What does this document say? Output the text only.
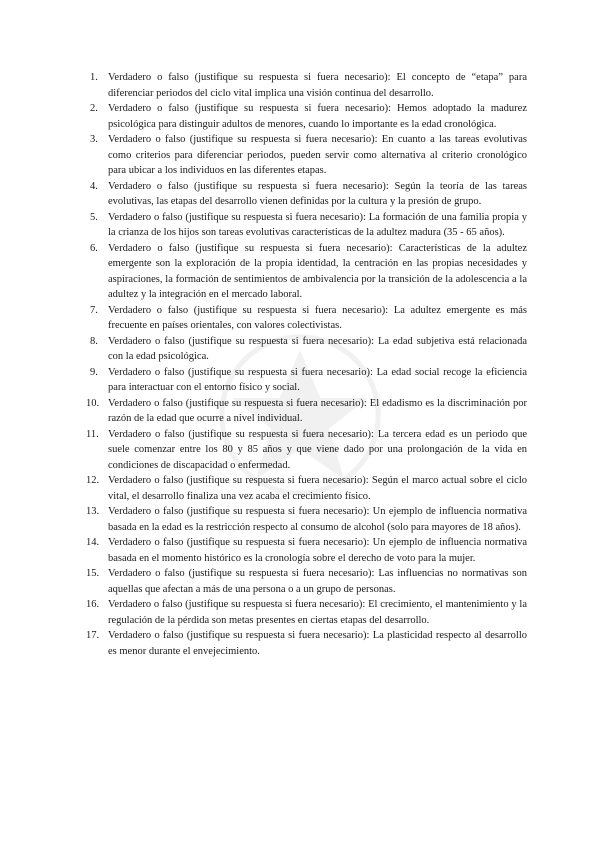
1. Verdadero o falso (justifique su respuesta si fuera necesario): El concepto de “etapa” para diferenciar periodos del ciclo vital implica una visión continua del desarrollo.
2. Verdadero o falso (justifique su respuesta si fuera necesario): Hemos adoptado la madurez psicológica para distinguir adultos de menores, cuando lo importante es la edad cronológica.
3. Verdadero o falso (justifique su respuesta si fuera necesario): En cuanto a las tareas evolutivas como criterios para diferenciar periodos, pueden servir como alternativa al criterio cronológico para ubicar a los individuos en las diferentes etapas.
4. Verdadero o falso (justifique su respuesta si fuera necesario): Según la teoría de las tareas evolutivas, las etapas del desarrollo vienen definidas por la cultura y la presión de grupo.
5. Verdadero o falso (justifique su respuesta si fuera necesario): La formación de una familia propia y la crianza de los hijos son tareas evolutivas características de la adultez madura (35 - 65 años).
6. Verdadero o falso (justifique su respuesta si fuera necesario): Características de la adultez emergente son la exploración de la propia identidad, la centración en las propias necesidades y aspiraciones, la formación de sentimientos de ambivalencia por la transición de la adolescencia a la adultez y la integración en el mercado laboral.
7. Verdadero o falso (justifique su respuesta si fuera necesario): La adultez emergente es más frecuente en países orientales, con valores colectivistas.
8. Verdadero o falso (justifique su respuesta si fuera necesario): La edad subjetiva está relacionada con la edad psicológica.
9. Verdadero o falso (justifique su respuesta si fuera necesario): La edad social recoge la eficiencia para interactuar con el entorno físico y social.
10. Verdadero o falso (justifique su respuesta si fuera necesario): El edadismo es la discriminación por razón de la edad que ocurre a nivel individual.
11. Verdadero o falso (justifique su respuesta si fuera necesario): La tercera edad es un periodo que suele comenzar entre los 80 y 85 años y que viene dado por una prolongación de la vida en condiciones de discapacidad o enfermedad.
12. Verdadero o falso (justifique su respuesta si fuera necesario): Según el marco actual sobre el ciclo vital, el desarrollo finaliza una vez acaba el crecimiento físico.
13. Verdadero o falso (justifique su respuesta si fuera necesario): Un ejemplo de influencia normativa basada en la edad es la restricción respecto al consumo de alcohol (solo para mayores de 18 años).
14. Verdadero o falso (justifique su respuesta si fuera necesario): Un ejemplo de influencia normativa basada en el momento histórico es la cronología sobre el derecho de voto para la mujer.
15. Verdadero o falso (justifique su respuesta si fuera necesario): Las influencias no normativas son aquellas que afectan a más de una persona o a un grupo de personas.
16. Verdadero o falso (justifique su respuesta si fuera necesario): El crecimiento, el mantenimiento y la regulación de la pérdida son metas presentes en ciertas etapas del desarrollo.
17. Verdadero o falso (justifique su respuesta si fuera necesario): La plasticidad respecto al desarrollo es menor durante el envejecimiento.
